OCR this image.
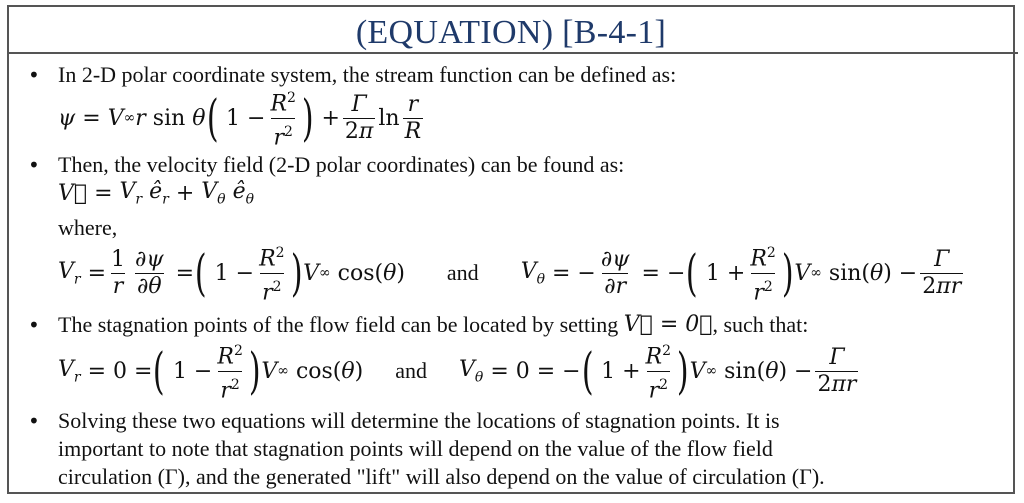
(EQUATION) [B-4-1]
• In 2-D polar coordinate system, the stream function can be defined as:
ψ = V ∞ r sin θ ( $1 - \frac{R^2}{r^2}$ ) + $\frac{\Gamma}{2\pi}$ $\ln \frac{r}{R}$
• Then, the velocity field (2-D polar coordinates) can be found as:
V⃗ = $V_r$
$ê_r + V_\theta$
$ê_\theta$
where,
$V_r = \frac{1}{r} \frac{\partial\psi}{\partial\theta}$ = ( $1 - \frac{R^2}{r^2}$ ) V ∞ cos( θ ) and $V_\theta$ = − $\frac{\partial\psi}{\partial r}$ = − ( $1 + \frac{R^2}{r^2}$ ) V ∞ sin( θ ) − $\frac{\Gamma}{2\pi r}$
• The stagnation points of the flow field can be located by setting
V⃗ = 0⃗ , such that:
$V_r = 0$ = ( $1 - \frac{R^2}{r^2}$ ) V ∞ cos( θ ) and $V_\theta = 0$ = − ( $1 + \frac{R^2}{r^2}$ ) V ∞ sin( θ ) − $\frac{\Gamma}{2\pi r}$
• Solving these two equations will determine the locations of stagnation points. It is
important to note that stagnation points will depend on the value of the flow field
circulation (Γ), and the generated "lift" will also depend on the value of circulation (Γ).
